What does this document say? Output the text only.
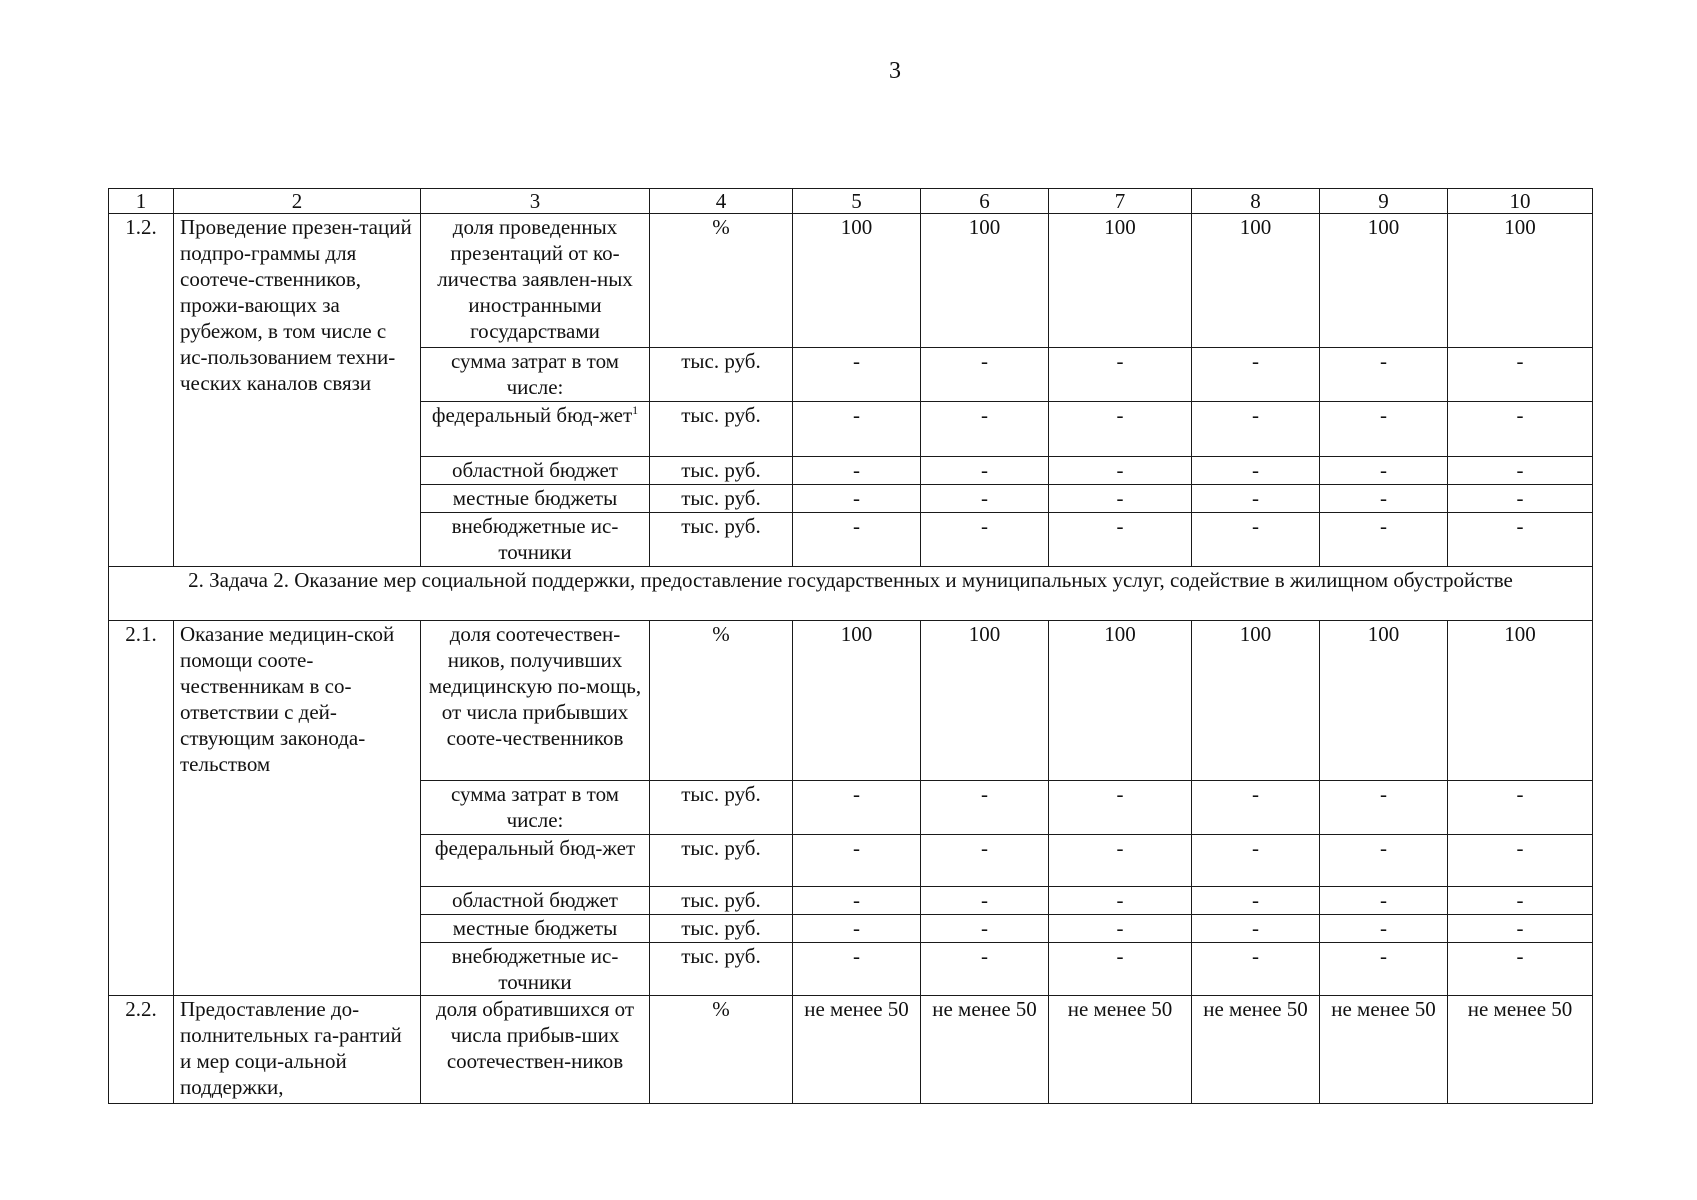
3
1	2	3	4	5	6	7	8	9	10
1.2.	Проведение презен-таций подпро-граммы для соотече-ственников, прожи-вающих за рубежом, в том числе с ис-пользованием техни-ческих каналов связи	доля проведенных презентаций от ко-личества заявлен-ных иностранными государствами	%	100	100	100	100	100	100
		сумма затрат в том числе:	тыс. руб.	-	-	-	-	-	-
		федеральный бюд-жет$^1$	тыс. руб.	-	-	-	-	-	-
		областной бюджет	тыс. руб.	-	-	-	-	-	-
		местные бюджеты	тыс. руб.	-	-	-	-	-	-
		внебюджетные ис-точники	тыс. руб.	-	-	-	-	-	-
2. Задача 2. Оказание мер социальной поддержки, предоставление государственных и муниципальных услуг, содействие в жилищном обустройстве									
2.1.	Оказание медицин-ской помощи сооте-чественникам в со-ответствии с дей-ствующим законода-тельством	доля соотечествен-ников, получивших медицинскую по-мощь, от числа прибывших сооте-чественников	%	100	100	100	100	100	100
		сумма затрат в том числе:	тыс. руб.	-	-	-	-	-	-
		федеральный бюд-жет	тыс. руб.	-	-	-	-	-	-
		областной бюджет	тыс. руб.	-	-	-	-	-	-
		местные бюджеты	тыс. руб.	-	-	-	-	-	-
		внебюджетные ис-точники	тыс. руб.	-	-	-	-	-	-
2.2.	Предоставление до-полнительных га-рантий и мер соци-альной поддержки,	доля обратившихся от числа прибыв-ших соотечествен-ников	%	не менее 50	не менее 50	не менее 50	не менее 50	не менее 50	не менее 50
